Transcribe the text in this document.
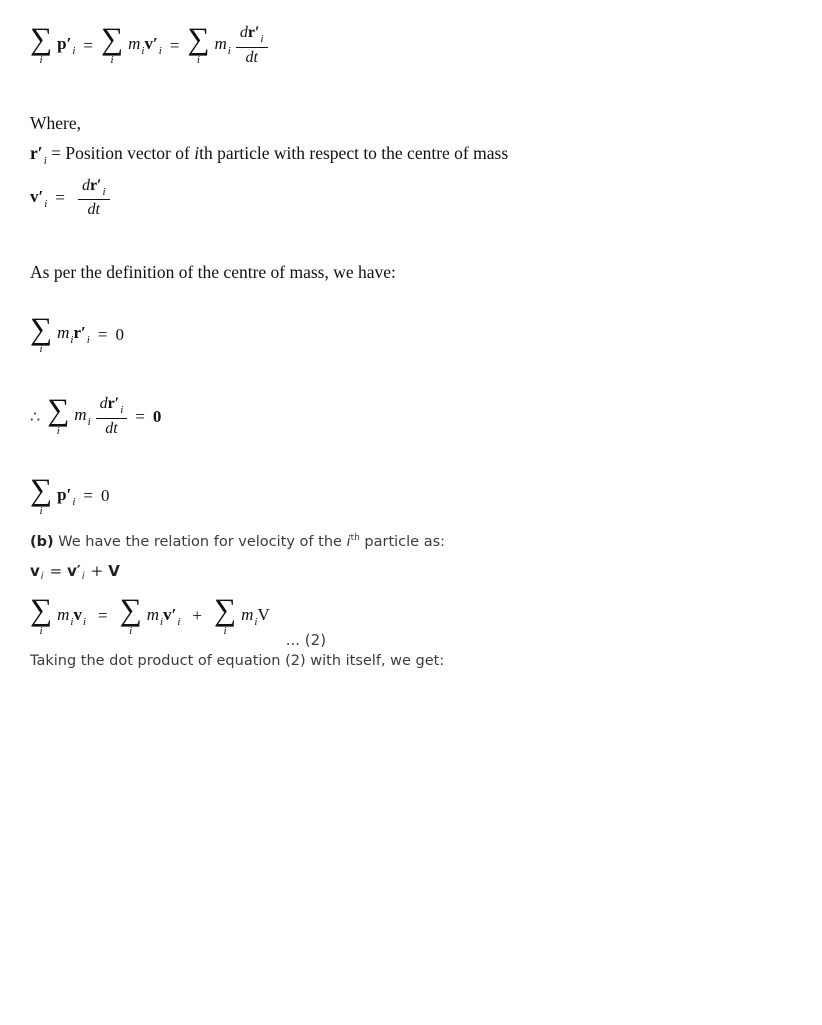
∑
i
$p'_i$ = ∑
i
$m_iv'_i$ = ∑
i
$m_i \frac{dr'_i}{dt}$

Where,

$r'_i$ = Position vector of ith particle with respect to the centre of mass

$v'_i = \frac{dr'_i}{dt}$

As per the definition of the centre of mass, we have:

∑
i
$m_ir'_i = 0$
∴ ∑
i
$m_i \frac{dr'_i}{dt} = 0$
∑
i
$p'_i = 0$

(b) We have the relation for velocity of the $i^{th}$ particle as:

$v_i = v'_i + V$

∑
i
$m_iv_i$ = ∑
i
$m_iv'_i$ + ∑
i
$m_iV$
... (2)

Taking the dot product of equation (2) with itself, we get:
